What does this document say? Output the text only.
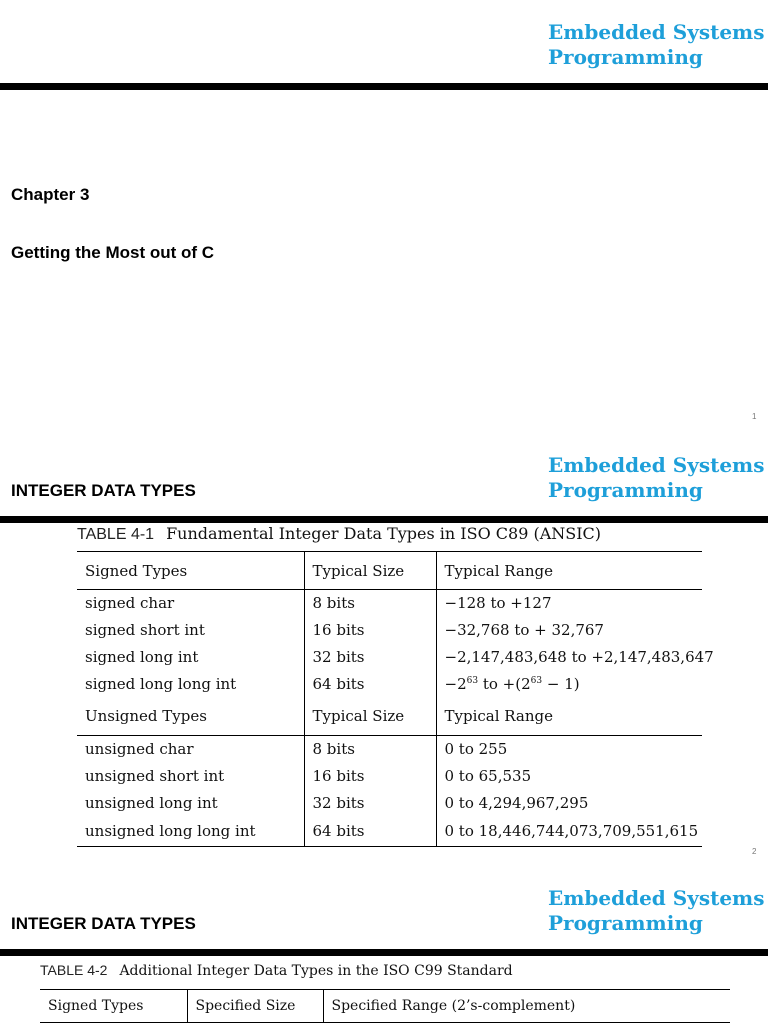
Embedded Systems
Programming
Chapter 3
Getting the Most out of C
1
Embedded Systems
Programming
INTEGER DATA TYPES
TABLE 4-1 Fundamental Integer Data Types in ISO C89 (ANSIC)
Signed Types	Typical Size	Typical Range
signed char	8 bits	−128 to +127
signed short int	16 bits	−32,768 to + 32,767
signed long int	32 bits	−2,147,483,648 to +2,147,483,647
signed long long int	64 bits	$-2^{63}$ to $+(2^{63} - 1)$
Unsigned Types	Typical Size	Typical Range
unsigned char	8 bits	0 to 255
unsigned short int	16 bits	0 to 65,535
unsigned long int	32 bits	0 to 4,294,967,295
unsigned long long int	64 bits	0 to 18,446,744,073,709,551,615
2
Embedded Systems
Programming
INTEGER DATA TYPES
TABLE 4-2 Additional Integer Data Types in the ISO C99 Standard
Signed Types	Specified Size	Specified Range (2’s-complement)
